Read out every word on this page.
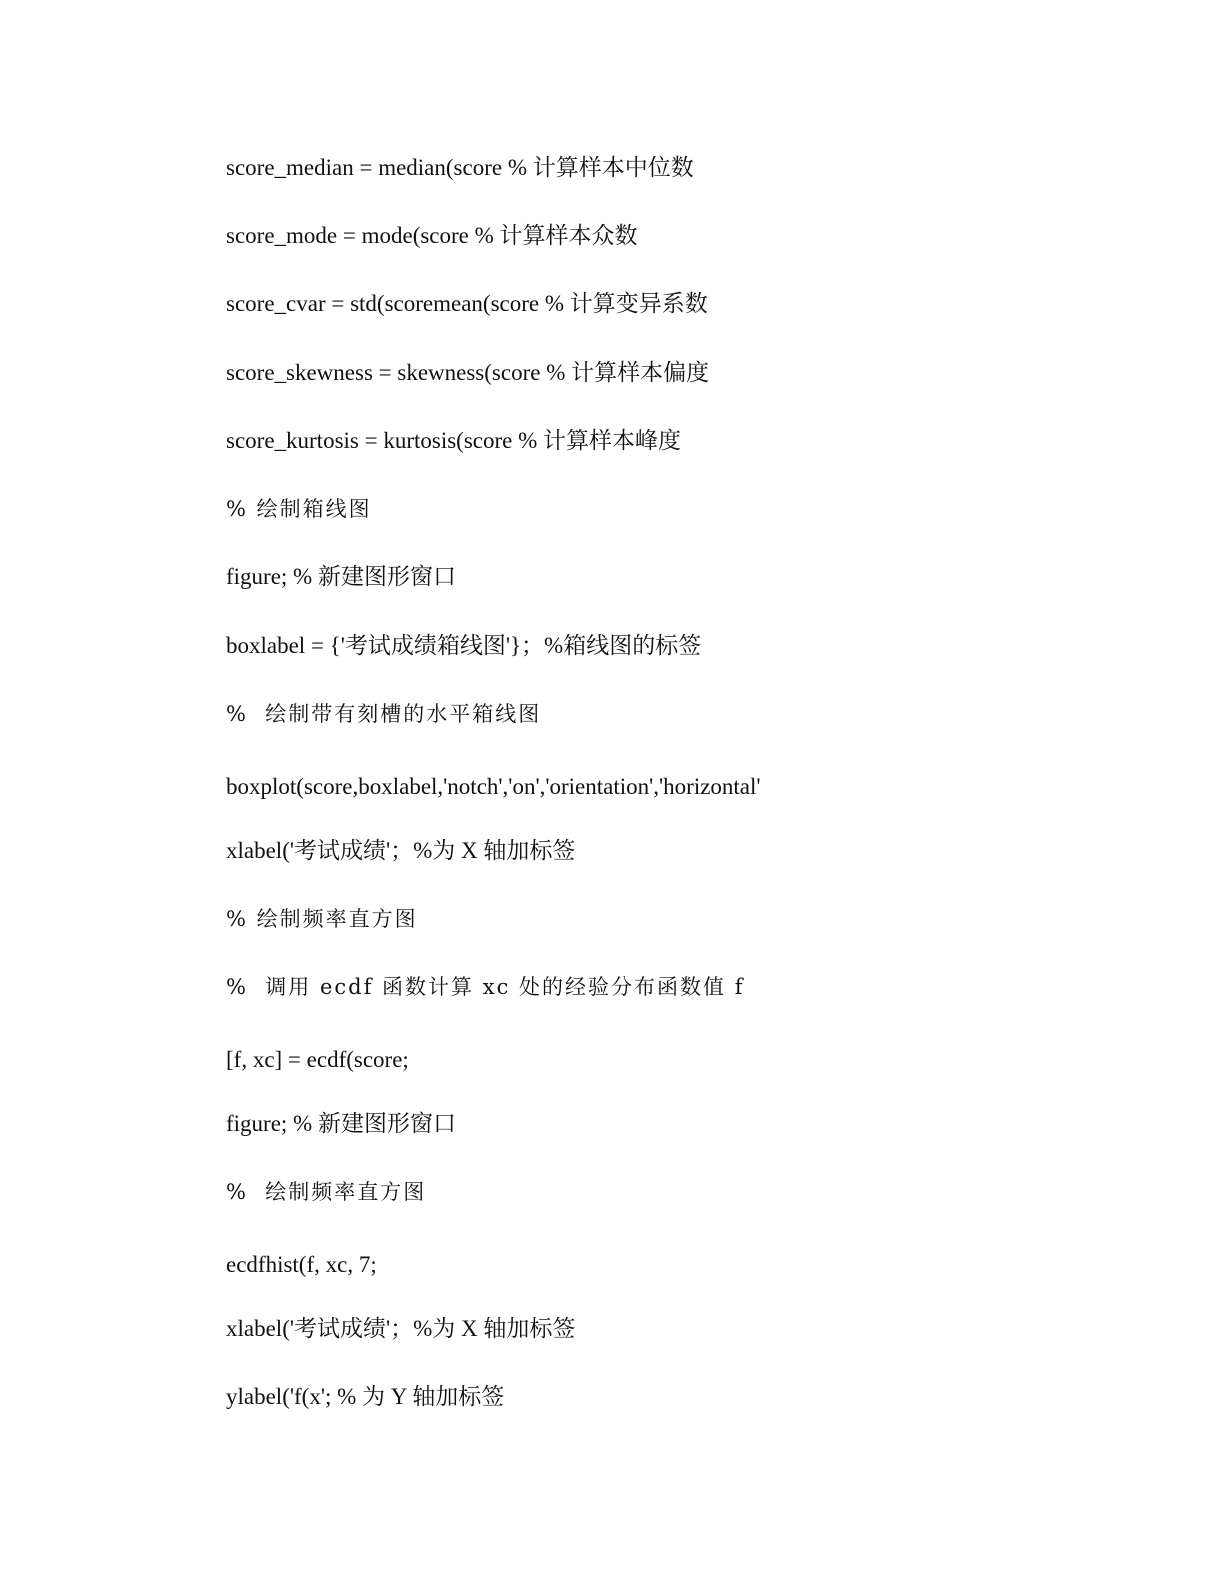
score_median = median(score % 计算样本中位数

score_mode = mode(score % 计算样本众数

score_cvar = std(scoremean(score % 计算变异系数

score_skewness = skewness(score % 计算样本偏度

score_kurtosis = kurtosis(score % 计算样本峰度

% 绘制箱线图

figure; % 新建图形窗口

boxlabel = {'考试成绩箱线图'}；%箱线图的标签

%  绘制带有刻槽的水平箱线图

boxplot(score,boxlabel,'notch','on','orientation','horizontal'

xlabel('考试成绩'；%为 X 轴加标签

% 绘制频率直方图

%  调用 ecdf 函数计算 xc 处的经验分布函数值 f

[f, xc] = ecdf(score;

figure; % 新建图形窗口

%  绘制频率直方图

ecdfhist(f, xc, 7;

xlabel('考试成绩'；%为 X 轴加标签

ylabel('f(x'; % 为 Y 轴加标签
